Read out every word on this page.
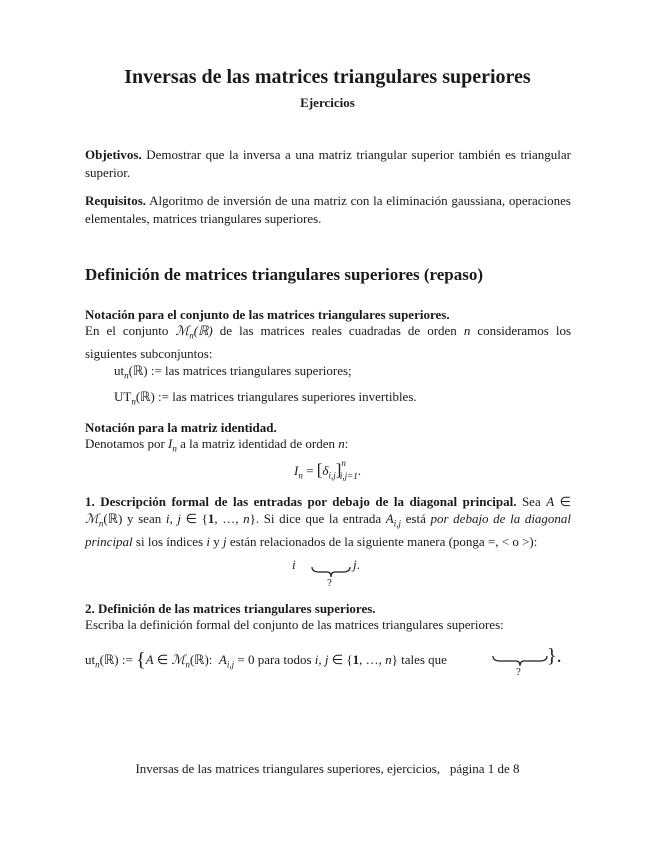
Inversas de las matrices triangulares superiores
Ejercicios
Objetivos. Demostrar que la inversa a una matriz triangular superior también es triangular superior.
Requisitos. Algoritmo de inversión de una matriz con la eliminación gaussiana, operaciones elementales, matrices triangulares superiores.
Definición de matrices triangulares superiores (repaso)
Notación para el conjunto de las matrices triangulares superiores.
En el conjunto ℳ$_n$(ℝ) de las matrices reales cuadradas de orden n consideramos los siguientes subconjuntos:
$ut_n(ℝ)$ := las matrices triangulares superiores;
$UT_n(ℝ)$ := las matrices triangulares superiores invertibles.
Notación para la matriz identidad.
Denotamos por $I_n$ a la matriz identidad de orden n:
$I_n = [\delta_{i,j}]^n_{i,j=1}$.
1. Descripción formal de las entradas por debajo de la diagonal principal. Sea A ∈ ℳ$_n$(ℝ) y sean i, j ∈ {1, …, n}. Si dice que la entrada $A_{i,j}$ está por debajo de la diagonal principal si los índices i y j están relacionados de la siguiente manera (ponga =, < o >):
i
?
j.
2. Definición de las matrices triangulares superiores.
Escriba la definición formal del conjunto de las matrices triangulares superiores:
$ut_n(ℝ)$ := {A ∈ ℳ$_n$(ℝ):  $A_{i,j} = 0$ para todos i, j ∈ {1, …, n} tales que	}.
?
Inversas de las matrices triangulares superiores, ejercicios, página 1 de 8
